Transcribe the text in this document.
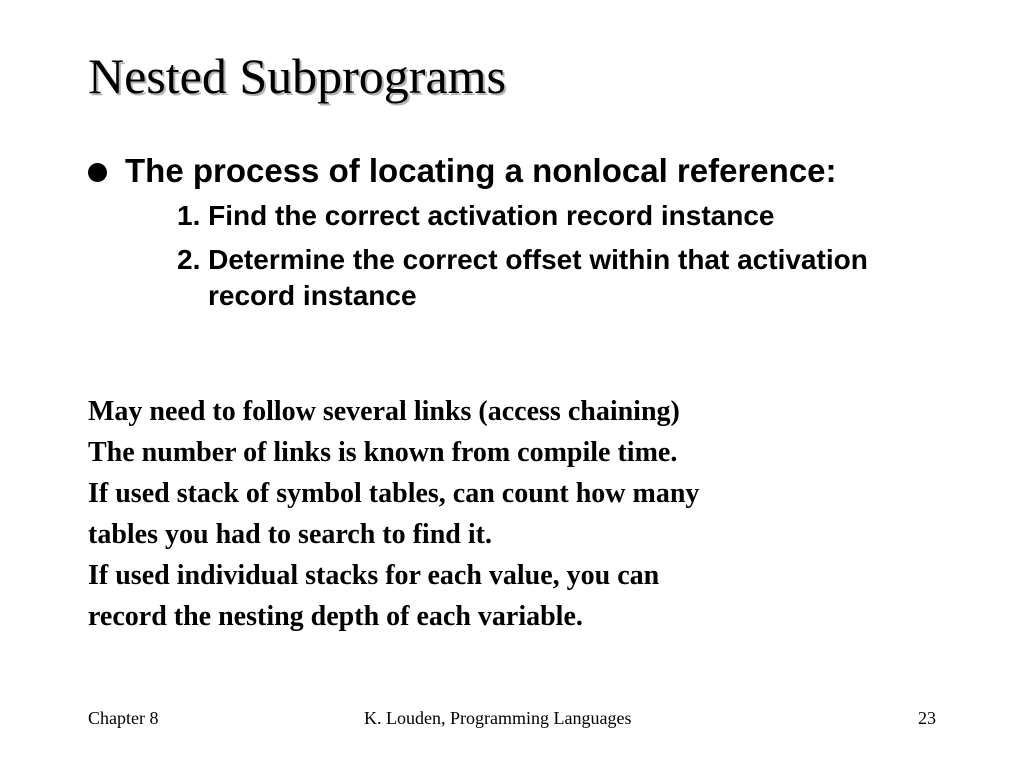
Nested Subprograms
The process of locating a nonlocal reference:
1. Find the correct activation record instance
2. Determine the correct offset within that activation record instance
May need to follow several links (access chaining)
The number of links is known from compile time.
If used stack of symbol tables, can count how many
tables you had to search to find it.
If used individual stacks for each value, you can
record the nesting depth of each variable.
Chapter 8	K. Louden, Programming Languages	23
